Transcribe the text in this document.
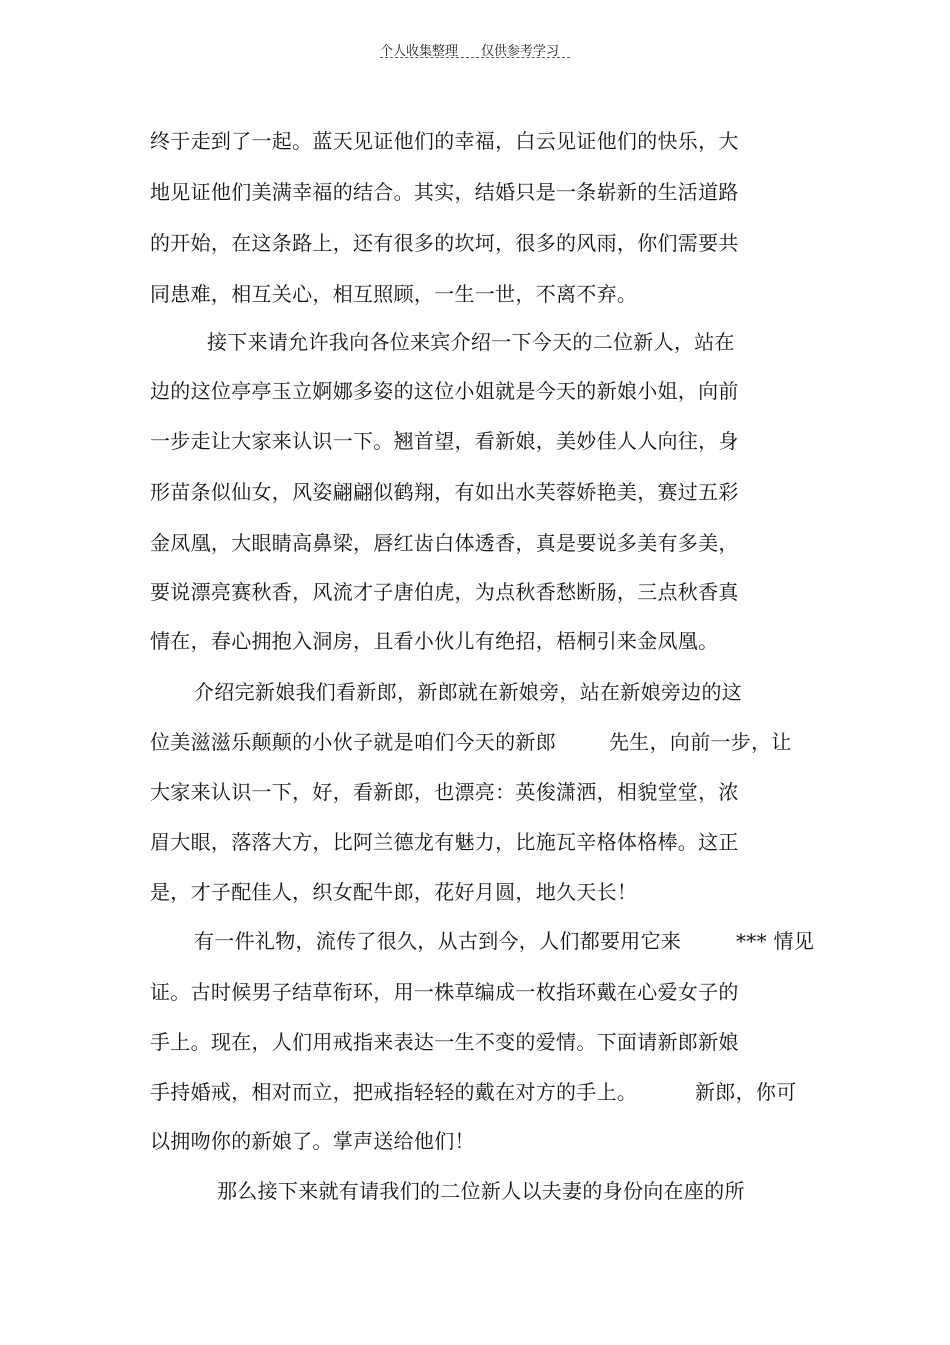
个人收集整理 仅供参考学习
终于走到了一起。蓝天见证他们的幸福，白云见证他们的快乐，大
地见证他们美满幸福的结合。其实，结婚只是一条崭新的生活道路
的开始，在这条路上，还有很多的坎坷，很多的风雨，你们需要共
同患难，相互关心，相互照顾，一生一世，不离不弃。
接下来请允许我向各位来宾介绍一下今天的二位新人，站在
边的这位亭亭玉立婀娜多姿的这位小姐就是今天的新娘小姐，向前
一步走让大家来认识一下。翘首望，看新娘，美妙佳人人向往，身
形苗条似仙女，风姿翩翩似鹤翔，有如出水芙蓉娇艳美，赛过五彩
金凤凰，大眼睛高鼻梁，唇红齿白体透香，真是要说多美有多美，
要说漂亮赛秋香，风流才子唐伯虎，为点秋香愁断肠，三点秋香真
情在，春心拥抱入洞房，且看小伙儿有绝招，梧桐引来金凤凰。
介绍完新娘我们看新郎，新郎就在新娘旁，站在新娘旁边的这
位美滋滋乐颠颠的小伙子就是咱们今天的新郎	先生，向前一步，让
大家来认识一下，好，看新郎，也漂亮：英俊潇洒，相貌堂堂，浓
眉大眼，落落大方，比阿兰德龙有魅力，比施瓦辛格体格棒。这正
是，才子配佳人，织女配牛郎，花好月圆，地久天长！
有一件礼物，流传了很久，从古到今，人们都要用它来	*** 情见
证。古时候男子结草衔环，用一株草编成一枚指环戴在心爱女子的
手上。现在，人们用戒指来表达一生不变的爱情。下面请新郎新娘
手持婚戒，相对而立，把戒指轻轻的戴在对方的手上。	新郎，你可
以拥吻你的新娘了。掌声送给他们！
那么接下来就有请我们的二位新人以夫妻的身份向在座的所
